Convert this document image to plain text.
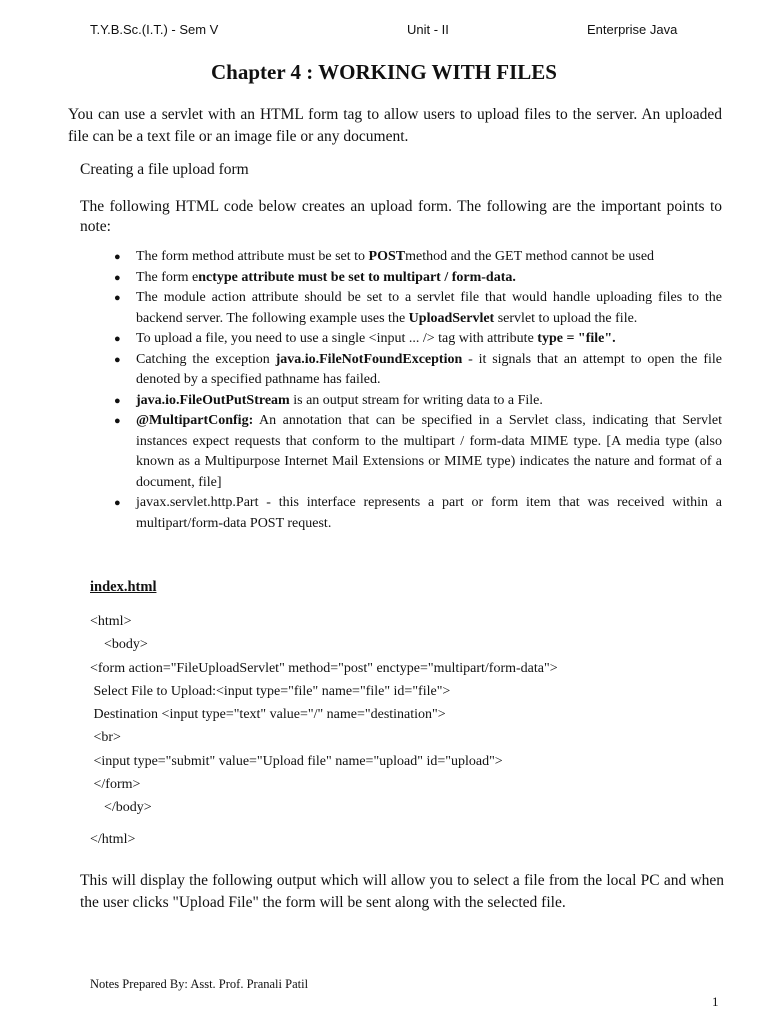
T.Y.B.Sc.(I.T.) - Sem V	Unit - II	Enterprise Java
Chapter 4 : WORKING WITH FILES
You can use a servlet with an HTML form tag to allow users to upload files to the server. An uploaded file can be a text file or an image file or any document.
Creating a file upload form
The following HTML code below creates an upload form. The following are the important points to note:
● The form method attribute must be set to POSTmethod and the GET method cannot be used
● The form enctype attribute must be set to multipart / form-data.
● The module action attribute should be set to a servlet file that would handle uploading files to the backend server. The following example uses the UploadServlet servlet to upload the file.
● To upload a file, you need to use a single <input ... /> tag with attribute type = "file".
● Catching the exception java.io.FileNotFoundException - it signals that an attempt to open the file denoted by a specified pathname has failed.
● java.io.FileOutPutStream is an output stream for writing data to a File.
● @MultipartConfig: An annotation that can be specified in a Servlet class, indicating that Servlet instances expect requests that conform to the multipart / form-data MIME type. [A media type (also known as a Multipurpose Internet Mail Extensions or MIME type) indicates the nature and format of a document, file]
● javax.servlet.http.Part - this interface represents a part or form item that was received within a multipart/form-data POST request.
index.html
<html>
<body>
<form action="FileUploadServlet" method="post" enctype="multipart/form-data">
Select File to Upload:<input type="file" name="file" id="file">
Destination <input type="text" value="/" name="destination">
<br>
<input type="submit" value="Upload file" name="upload" id="upload">
</form>
</body>
</html>
This will display the following output which will allow you to select a file from the local PC and when the user clicks "Upload File" the form will be sent along with the selected file.
Notes Prepared By: Asst. Prof. Pranali Patil
1
